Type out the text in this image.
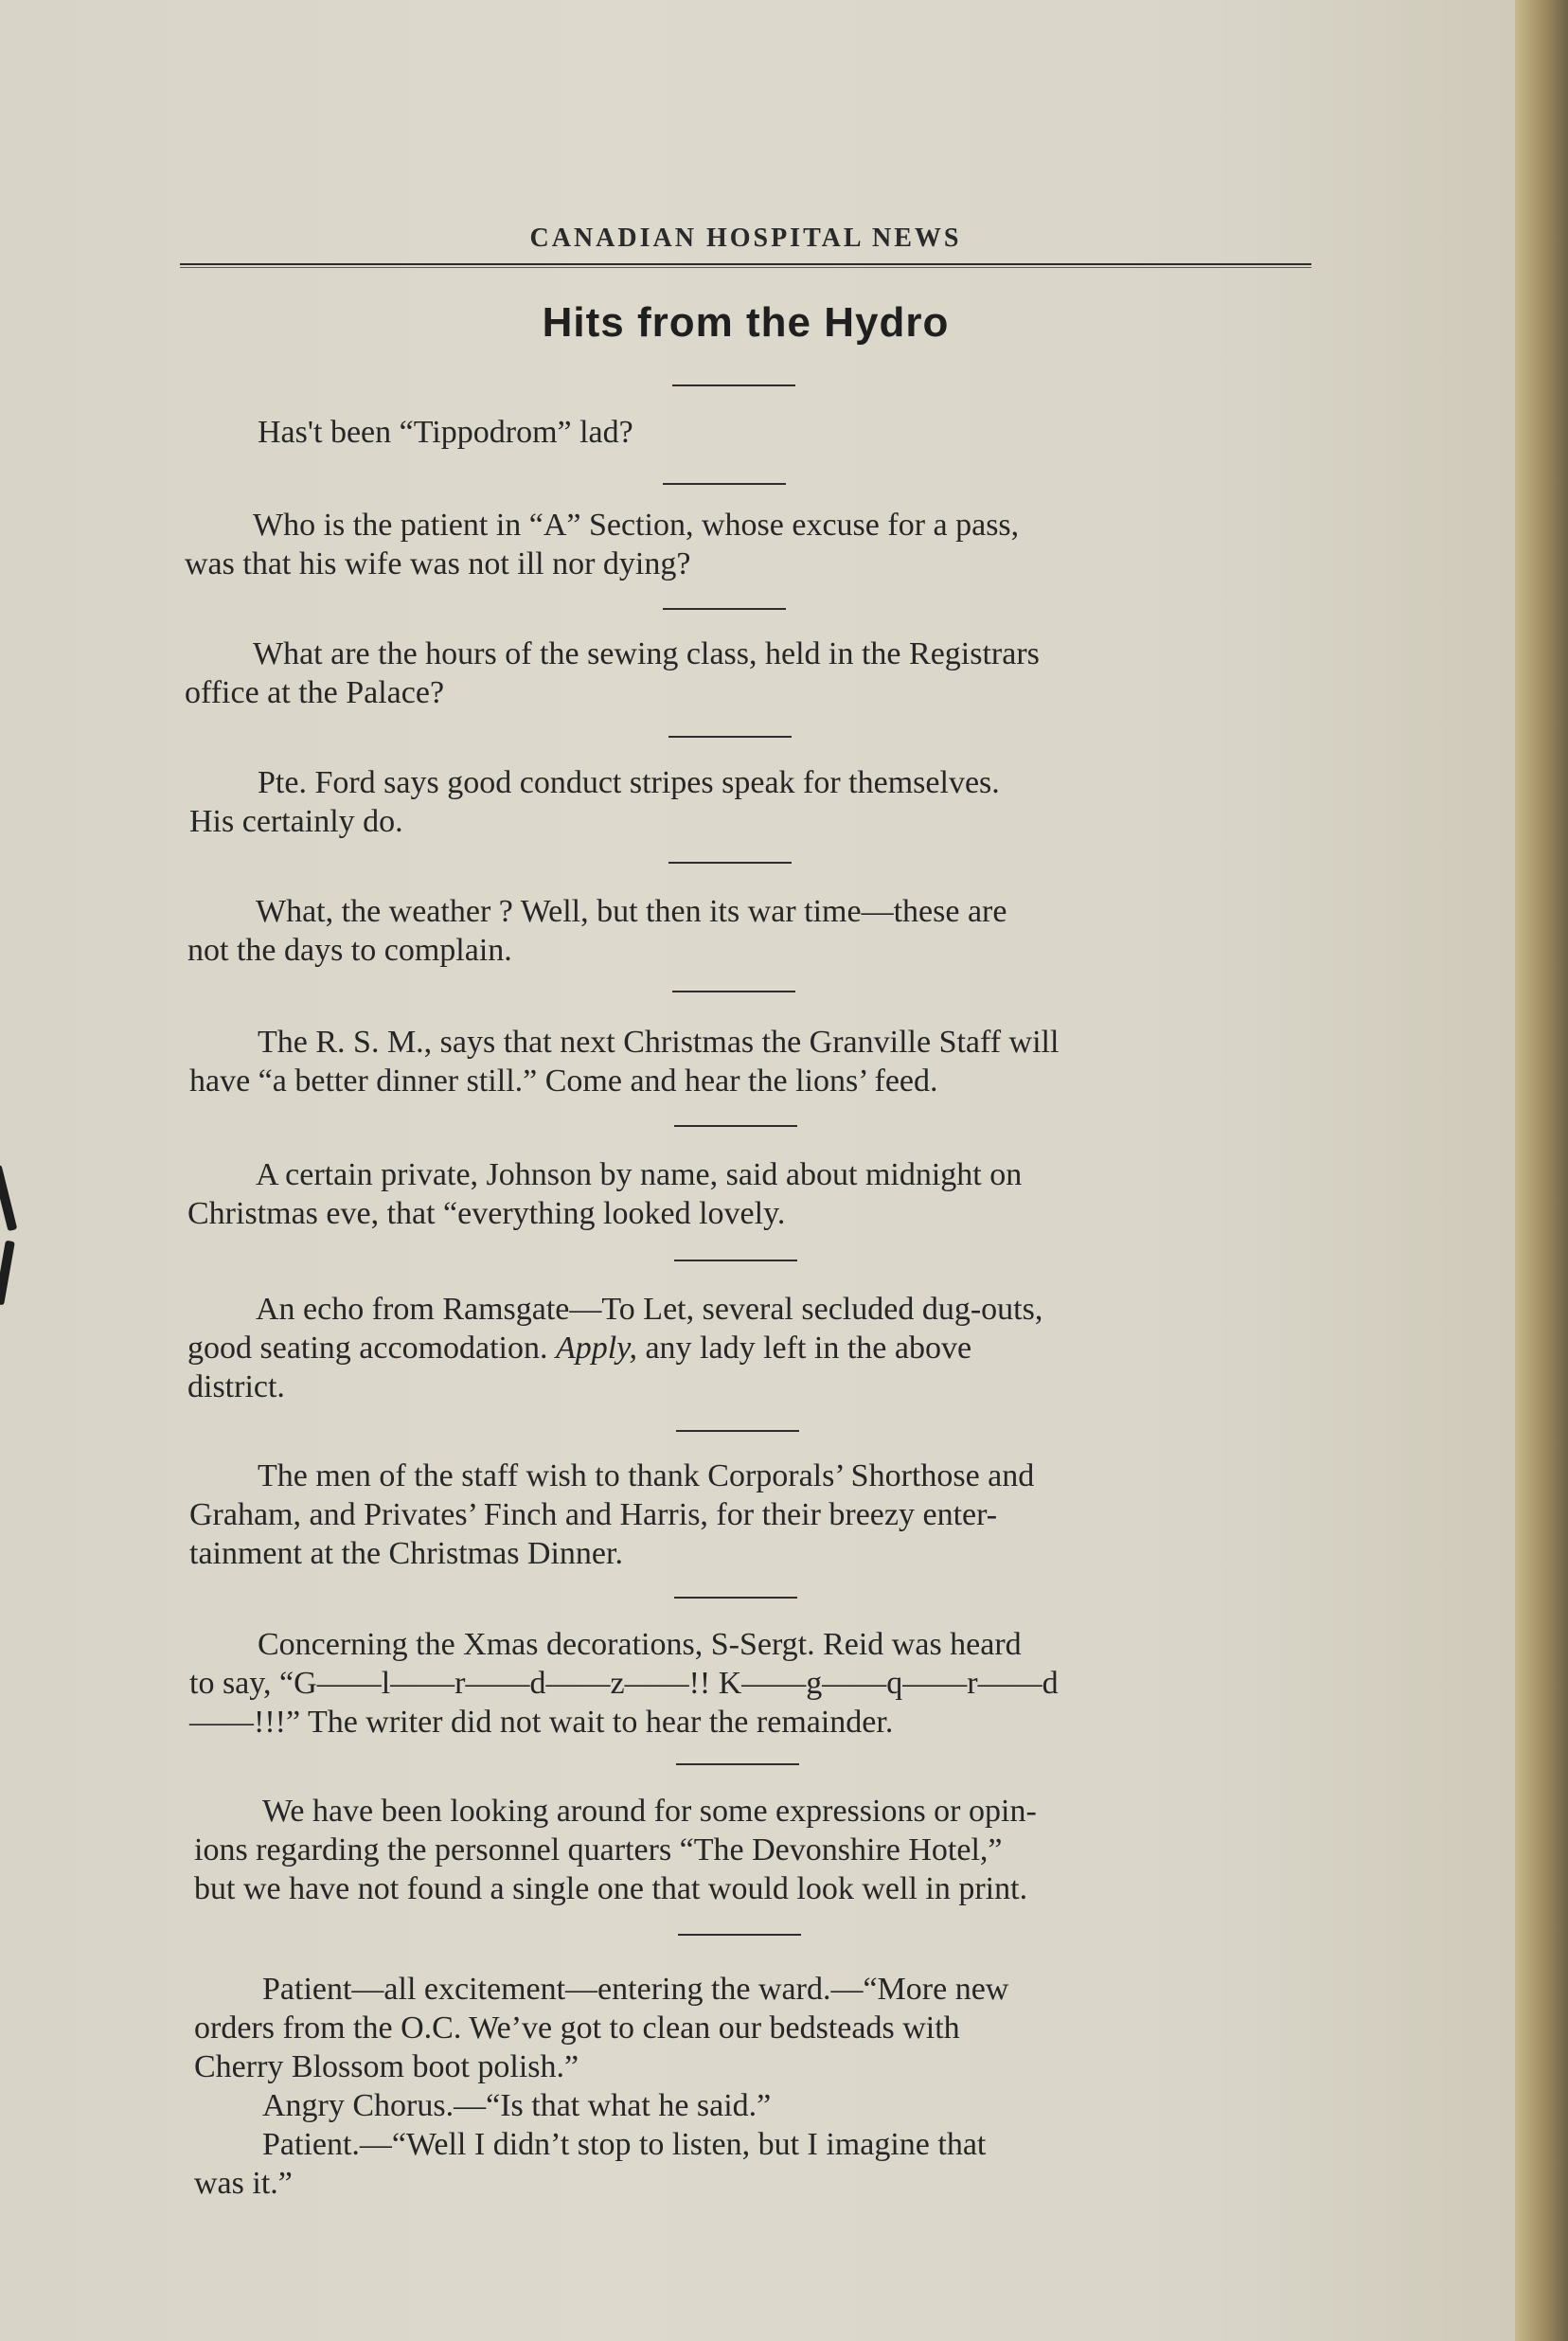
CANADIAN HOSPITAL NEWS
Hits from the Hydro
Has't been “Tippodrom” lad?
Who is the patient in “A” Section, whose excuse for a pass,
was that his wife was not ill nor dying?
What are the hours of the sewing class, held in the Registrars
office at the Palace?
Pte. Ford says good conduct stripes speak for themselves.
His certainly do.
What, the weather ? Well, but then its war time—these are
not the days to complain.
The R. S. M., says that next Christmas the Granville Staff will
have “a better dinner still.” Come and hear the lions’ feed.
A certain private, Johnson by name, said about midnight on
Christmas eve, that “everything looked lovely.
An echo from Ramsgate—To Let, several secluded dug-outs,
good seating accomodation. Apply, any lady left in the above
district.
The men of the staff wish to thank Corporals’ Shorthose and
Graham, and Privates’ Finch and Harris, for their breezy enter-
tainment at the Christmas Dinner.
Concerning the Xmas decorations, S-Sergt. Reid was heard
to say, “G——l——r——d——z——!! K——g——q——r——d
——!!!” The writer did not wait to hear the remainder.
We have been looking around for some expressions or opin-
ions regarding the personnel quarters “The Devonshire Hotel,”
but we have not found a single one that would look well in print.
Patient—all excitement—entering the ward.—“More new
orders from the O.C. We’ve got to clean our bedsteads with
Cherry Blossom boot polish.”
Angry Chorus.—“Is that what he said.”
Patient.—“Well I didn’t stop to listen, but I imagine that
was it.”
